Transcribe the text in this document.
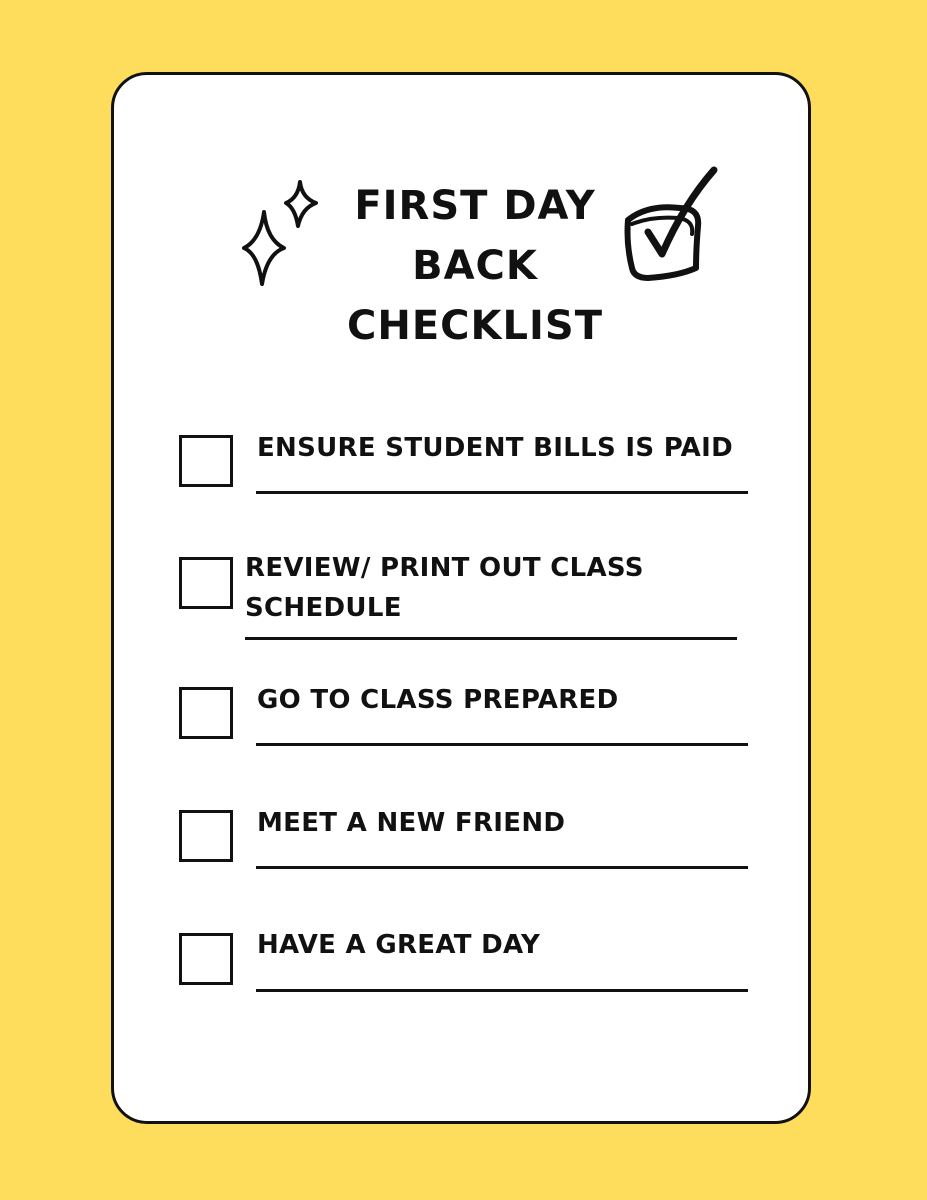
FIRST DAY
BACK
CHECKLIST
ENSURE STUDENT BILLS IS PAID
REVIEW/ PRINT OUT CLASS
SCHEDULE
GO TO CLASS PREPARED
MEET A NEW FRIEND
HAVE A GREAT DAY
